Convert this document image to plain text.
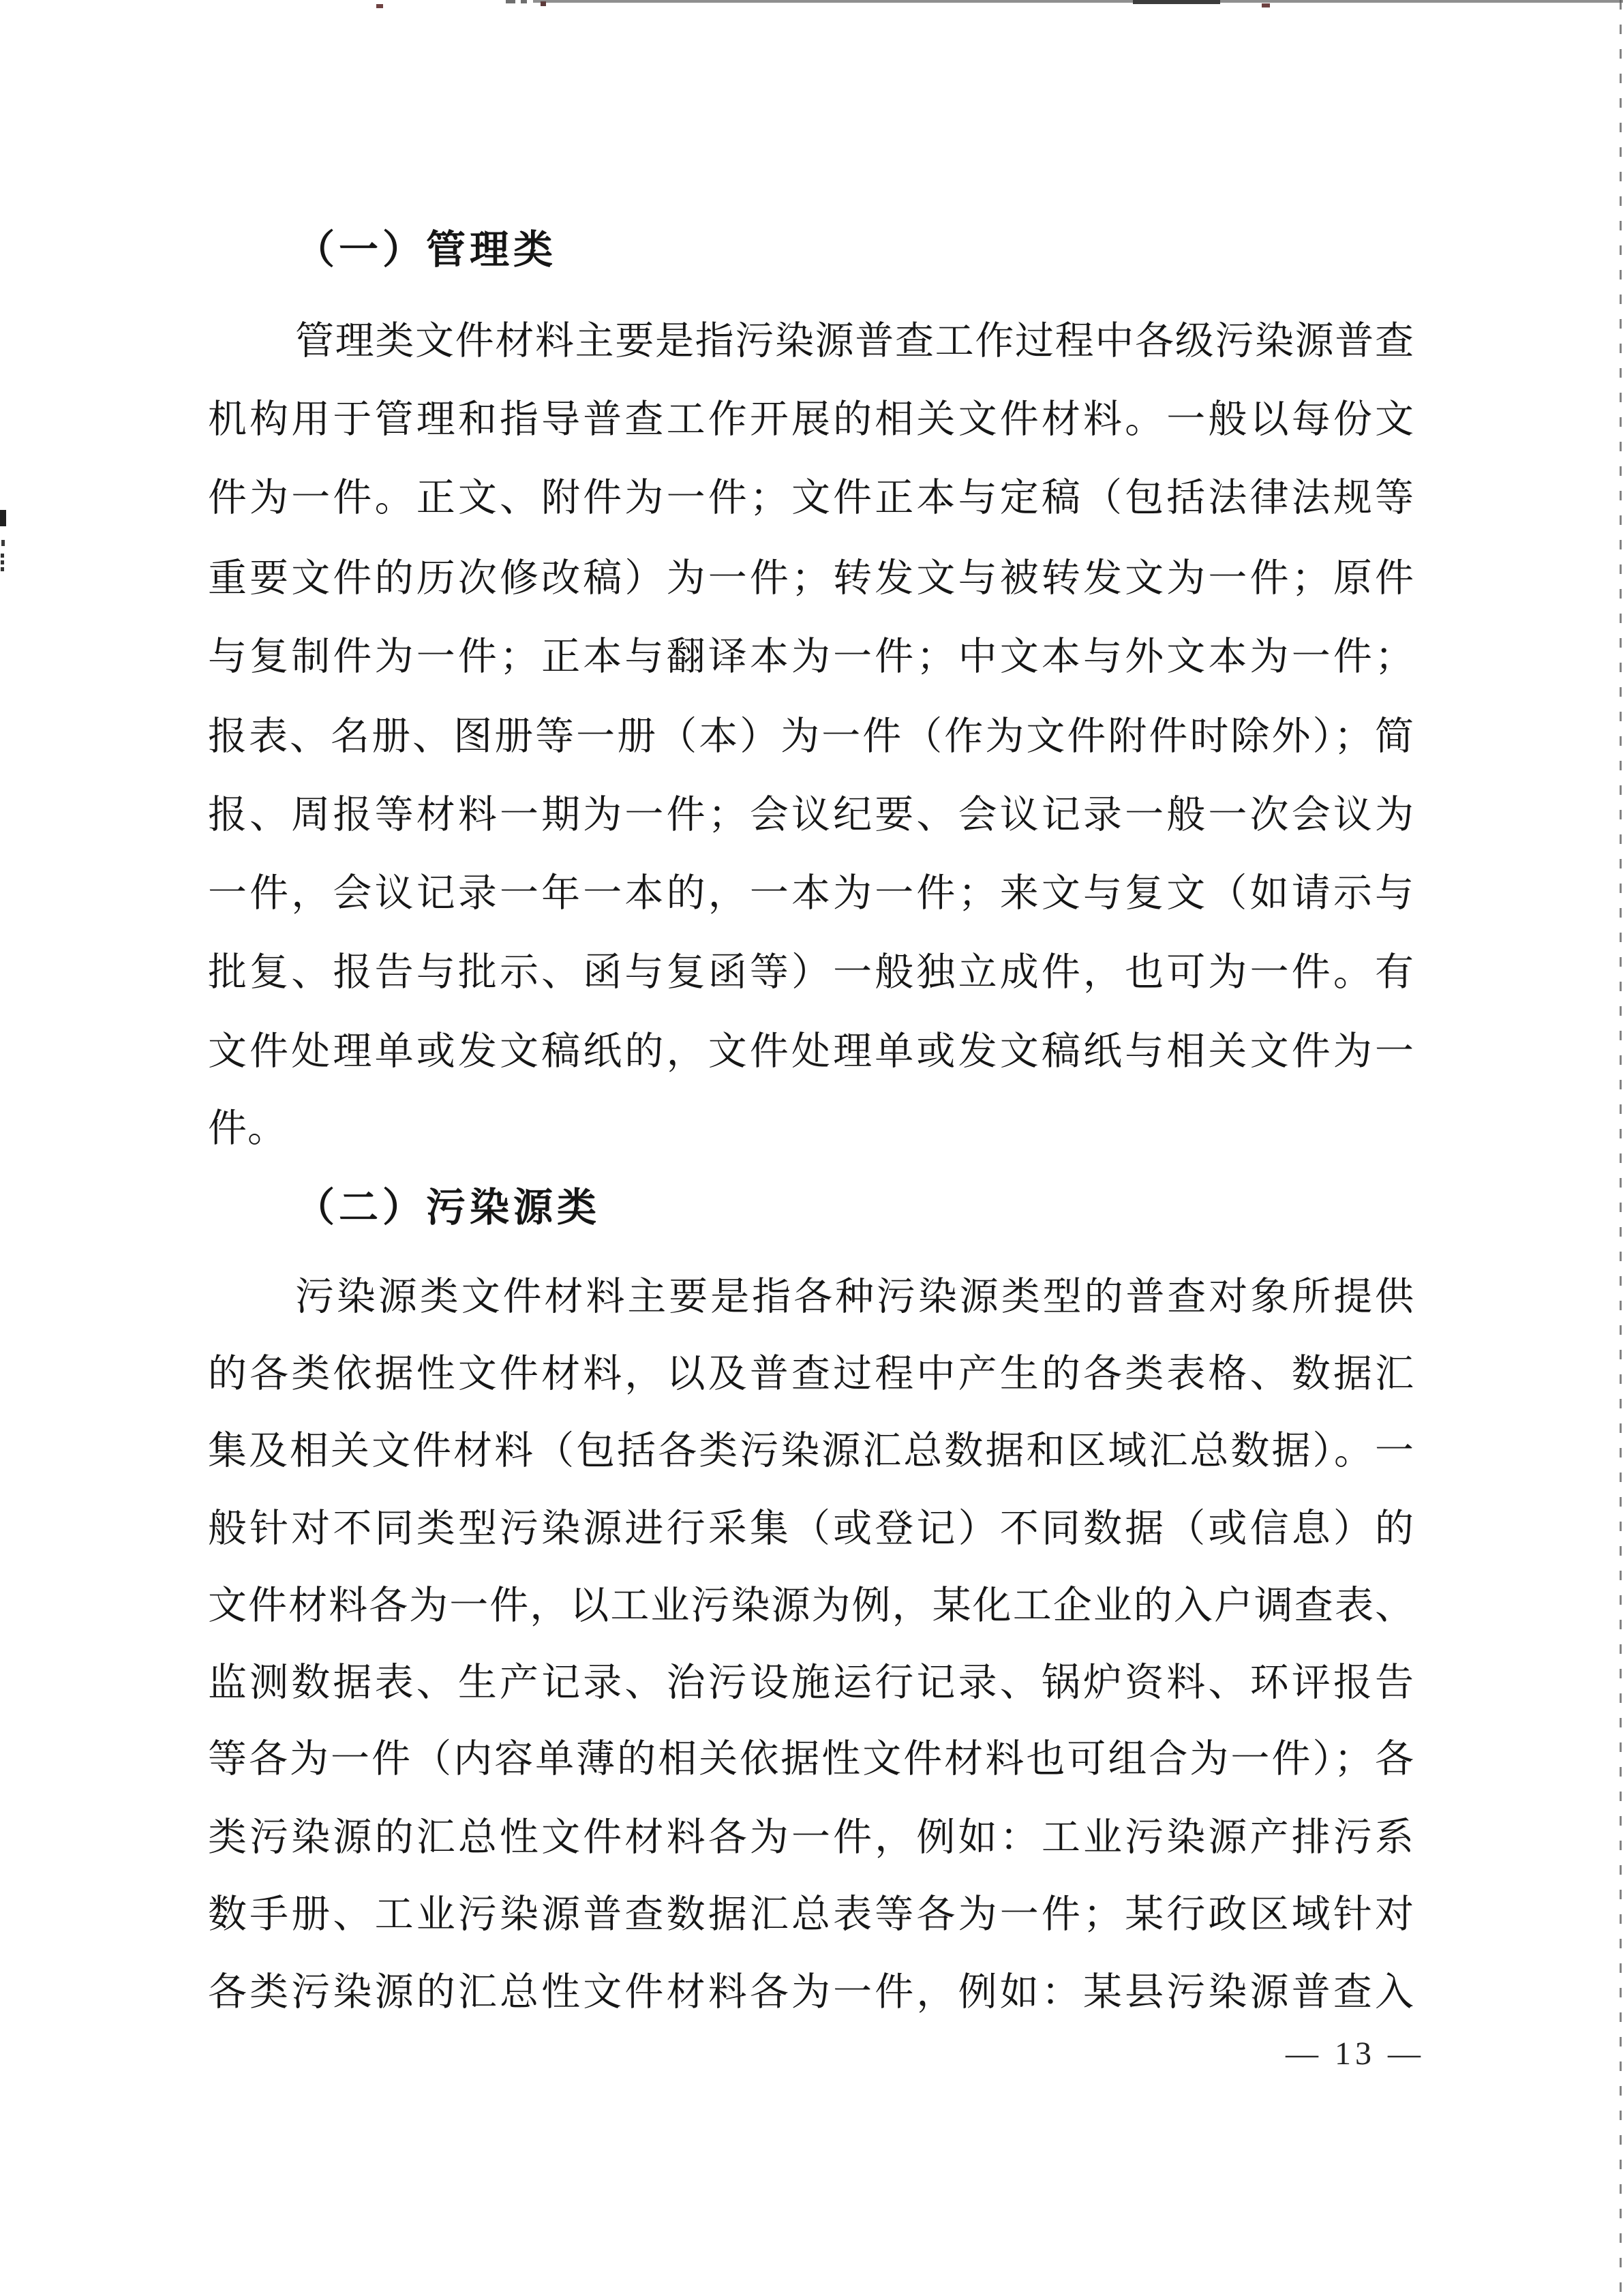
（一）管理类
管理类文件材料主要是指污染源普查工作过程中各级污染源普查
机构用于管理和指导普查工作开展的相关文件材料。一般以每份文
件为一件。正文、附件为一件；文件正本与定稿（包括法律法规等
重要文件的历次修改稿）为一件；转发文与被转发文为一件；原件
与复制件为一件；正本与翻译本为一件；中文本与外文本为一件；
报表、名册、图册等一册（本）为一件（作为文件附件时除外）；简
报、周报等材料一期为一件；会议纪要、会议记录一般一次会议为
一件，会议记录一年一本的，一本为一件；来文与复文（如请示与
批复、报告与批示、函与复函等）一般独立成件，也可为一件。有
文件处理单或发文稿纸的，文件处理单或发文稿纸与相关文件为一
件。
（二）污染源类
污染源类文件材料主要是指各种污染源类型的普查对象所提供
的各类依据性文件材料，以及普查过程中产生的各类表格、数据汇
集及相关文件材料（包括各类污染源汇总数据和区域汇总数据）。一
般针对不同类型污染源进行采集（或登记）不同数据（或信息）的
文件材料各为一件，以工业污染源为例，某化工企业的入户调查表、
监测数据表、生产记录、治污设施运行记录、锅炉资料、环评报告
等各为一件（内容单薄的相关依据性文件材料也可组合为一件）；各
类污染源的汇总性文件材料各为一件，例如：工业污染源产排污系
数手册、工业污染源普查数据汇总表等各为一件；某行政区域针对
各类污染源的汇总性文件材料各为一件，例如：某县污染源普查入
— 13 —
